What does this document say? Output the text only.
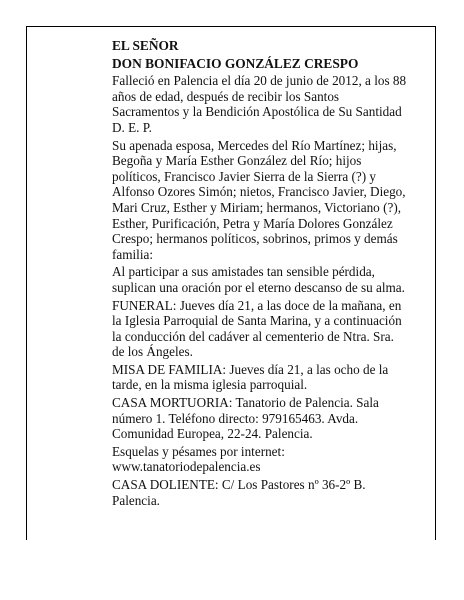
EL SEÑOR

DON BONIFACIO GONZÁLEZ CRESPO

Falleció en Palencia el día 20 de junio de 2012, a los 88
años de edad, después de recibir los Santos
Sacramentos y la Bendición Apostólica de Su Santidad
D. E. P.

Su apenada esposa, Mercedes del Río Martínez; hijas,
Begoña y María Esther González del Río; hijos
políticos, Francisco Javier Sierra de la Sierra (?) y
Alfonso Ozores Simón; nietos, Francisco Javier, Diego,
Mari Cruz, Esther y Miriam; hermanos, Victoriano (?),
Esther, Purificación, Petra y María Dolores González
Crespo; hermanos políticos, sobrinos, primos y demás
familia:

Al participar a sus amistades tan sensible pérdida,
suplican una oración por el eterno descanso de su alma.

FUNERAL: Jueves día 21, a las doce de la mañana, en
la Iglesia Parroquial de Santa Marina, y a continuación
la conducción del cadáver al cementerio de Ntra. Sra.
de los Ángeles.

MISA DE FAMILIA: Jueves día 21, a las ocho de la
tarde, en la misma iglesia parroquial.

CASA MORTUORIA: Tanatorio de Palencia. Sala
número 1. Teléfono directo: 979165463. Avda.
Comunidad Europea, 22-24. Palencia.

Esquelas y pésames por internet:
www.tanatoriodepalencia.es

CASA DOLIENTE: C/ Los Pastores nº 36-2º B.
Palencia.
